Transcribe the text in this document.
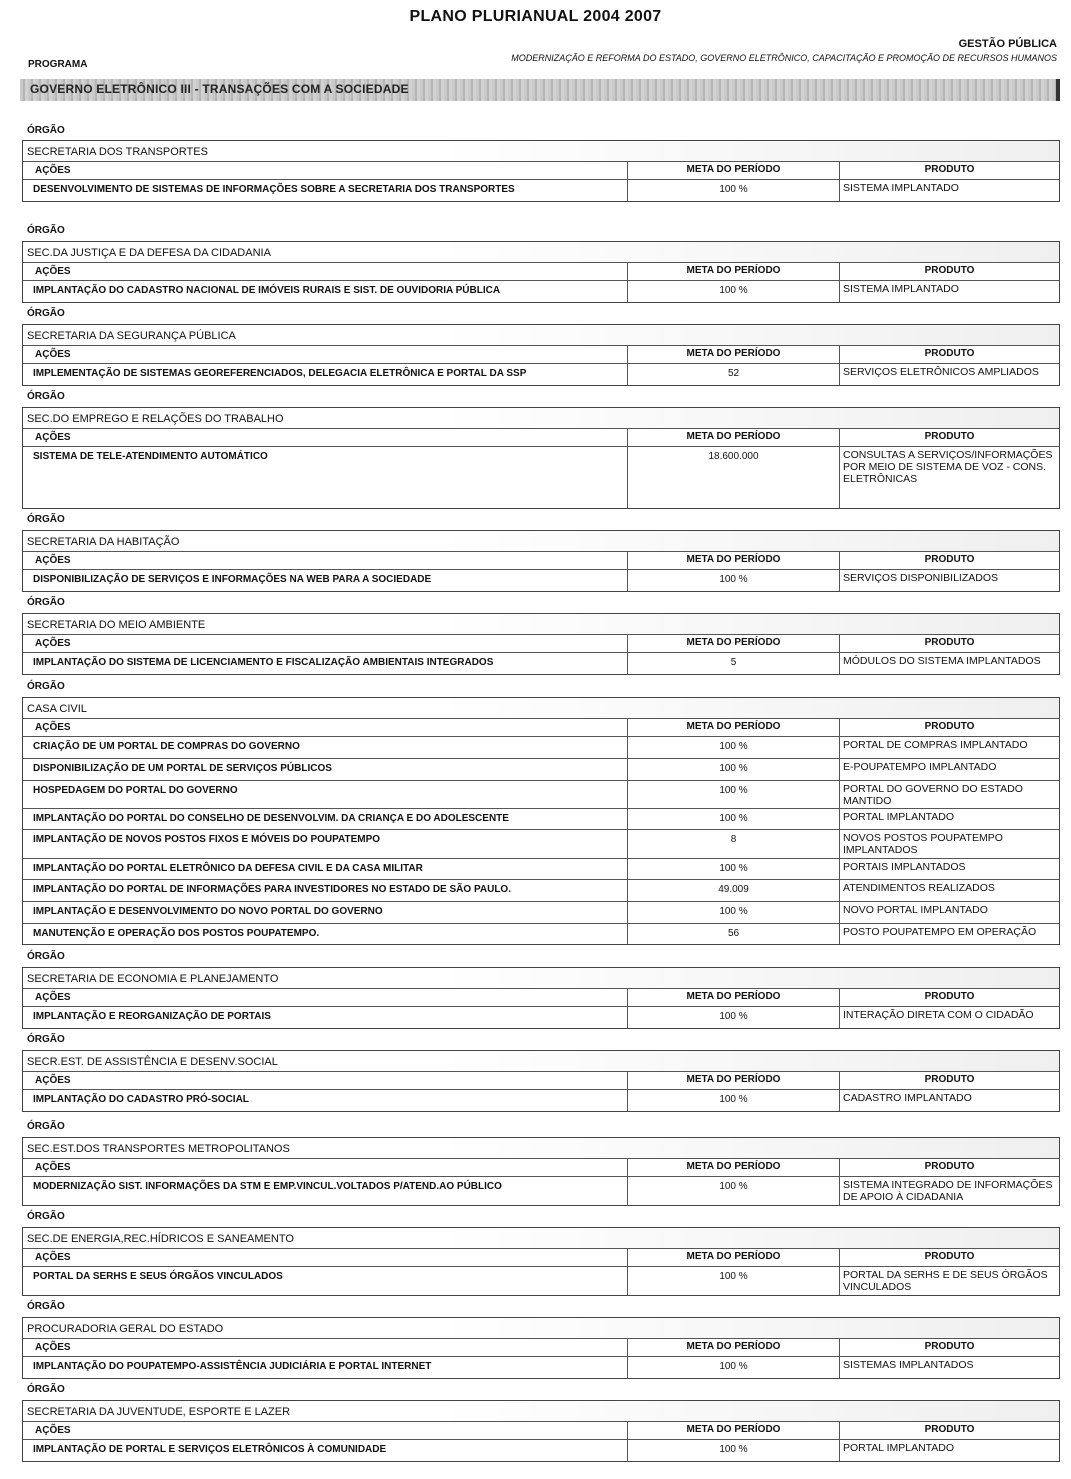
PLANO PLURIANUAL 2004 2007
GESTÃO PÚBLICA
MODERNIZAÇÃO E REFORMA DO ESTADO, GOVERNO ELETRÔNICO, CAPACITAÇÃO E PROMOÇÃO DE RECURSOS HUMANOS
PROGRAMA
GOVERNO ELETRÔNICO III - TRANSAÇÕES COM A SOCIEDADE
ÓRGÃO
SECRETARIA DOS TRANSPORTES
AÇÕES	META DO PERÍODO	PRODUTO
DESENVOLVIMENTO DE SISTEMAS DE INFORMAÇÕES SOBRE A SECRETARIA DOS TRANSPORTES	100 %	SISTEMA IMPLANTADO
ÓRGÃO
SEC.DA JUSTIÇA E DA DEFESA DA CIDADANIA
AÇÕES	META DO PERÍODO	PRODUTO
IMPLANTAÇÃO DO CADASTRO NACIONAL DE IMÓVEIS RURAIS E SIST. DE OUVIDORIA PÚBLICA	100 %	SISTEMA IMPLANTADO
ÓRGÃO
SECRETARIA DA SEGURANÇA PÚBLICA
AÇÕES	META DO PERÍODO	PRODUTO
IMPLEMENTAÇÃO DE SISTEMAS GEOREFERENCIADOS, DELEGACIA ELETRÔNICA E PORTAL DA SSP	52	SERVIÇOS ELETRÔNICOS AMPLIADOS
ÓRGÃO
SEC.DO EMPREGO E RELAÇÕES DO TRABALHO
AÇÕES	META DO PERÍODO	PRODUTO
SISTEMA DE TELE-ATENDIMENTO AUTOMÁTICO	18.600.000	CONSULTAS A SERVIÇOS/INFORMAÇÕES POR MEIO DE SISTEMA DE VOZ - CONS. ELETRÔNICAS
ÓRGÃO
SECRETARIA DA HABITAÇÃO
AÇÕES	META DO PERÍODO	PRODUTO
DISPONIBILIZAÇÃO DE SERVIÇOS E INFORMAÇÕES NA WEB PARA A SOCIEDADE	100 %	SERVIÇOS DISPONIBILIZADOS
ÓRGÃO
SECRETARIA DO MEIO AMBIENTE
AÇÕES	META DO PERÍODO	PRODUTO
IMPLANTAÇÃO DO SISTEMA DE LICENCIAMENTO E FISCALIZAÇÃO AMBIENTAIS INTEGRADOS	5	MÓDULOS DO SISTEMA IMPLANTADOS
ÓRGÃO
CASA CIVIL
AÇÕES	META DO PERÍODO	PRODUTO
CRIAÇÃO DE UM PORTAL DE COMPRAS DO GOVERNO	100 %	PORTAL DE COMPRAS IMPLANTADO
DISPONIBILIZAÇÃO DE UM PORTAL DE SERVIÇOS PÚBLICOS	100 %	E-POUPATEMPO IMPLANTADO
HOSPEDAGEM DO PORTAL DO GOVERNO	100 %	PORTAL DO GOVERNO DO ESTADO MANTIDO
IMPLANTAÇÃO DO PORTAL DO CONSELHO DE DESENVOLVIM. DA CRIANÇA E DO ADOLESCENTE	100 %	PORTAL IMPLANTADO
IMPLANTAÇÃO DE NOVOS POSTOS FIXOS E MÓVEIS DO POUPATEMPO	8	NOVOS POSTOS POUPATEMPO IMPLANTADOS
IMPLANTAÇÃO DO PORTAL ELETRÔNICO DA DEFESA CIVIL E DA CASA MILITAR	100 %	PORTAIS IMPLANTADOS
IMPLANTAÇÃO DO PORTAL DE INFORMAÇÕES PARA INVESTIDORES NO ESTADO DE SÃO PAULO.	49.009	ATENDIMENTOS REALIZADOS
IMPLANTAÇÃO E DESENVOLVIMENTO DO NOVO PORTAL DO GOVERNO	100 %	NOVO PORTAL IMPLANTADO
MANUTENÇÃO E OPERAÇÃO DOS POSTOS POUPATEMPO.	56	POSTO POUPATEMPO EM OPERAÇÃO
ÓRGÃO
SECRETARIA DE ECONOMIA E PLANEJAMENTO
AÇÕES	META DO PERÍODO	PRODUTO
IMPLANTAÇÃO E REORGANIZAÇÃO DE PORTAIS	100 %	INTERAÇÃO DIRETA COM O CIDADÃO
ÓRGÃO
SECR.EST. DE ASSISTÊNCIA E DESENV.SOCIAL
AÇÕES	META DO PERÍODO	PRODUTO
IMPLANTAÇÃO DO CADASTRO PRÓ-SOCIAL	100 %	CADASTRO IMPLANTADO
ÓRGÃO
SEC.EST.DOS TRANSPORTES METROPOLITANOS
AÇÕES	META DO PERÍODO	PRODUTO
MODERNIZAÇÃO SIST. INFORMAÇÕES DA STM E EMP.VINCUL.VOLTADOS P/ATEND.AO PÚBLICO	100 %	SISTEMA INTEGRADO DE INFORMAÇÕES DE APOIO À CIDADANIA
ÓRGÃO
SEC.DE ENERGIA,REC.HÍDRICOS E SANEAMENTO
AÇÕES	META DO PERÍODO	PRODUTO
PORTAL DA SERHS E SEUS ÓRGÃOS VINCULADOS	100 %	PORTAL DA SERHS E DE SEUS ÓRGÃOS VINCULADOS
ÓRGÃO
PROCURADORIA GERAL DO ESTADO
AÇÕES	META DO PERÍODO	PRODUTO
IMPLANTAÇÃO DO POUPATEMPO-ASSISTÊNCIA JUDICIÁRIA E PORTAL INTERNET	100 %	SISTEMAS IMPLANTADOS
ÓRGÃO
SECRETARIA DA JUVENTUDE, ESPORTE E LAZER
AÇÕES	META DO PERÍODO	PRODUTO
IMPLANTAÇÃO DE PORTAL E SERVIÇOS ELETRÔNICOS À COMUNIDADE	100 %	PORTAL IMPLANTADO
